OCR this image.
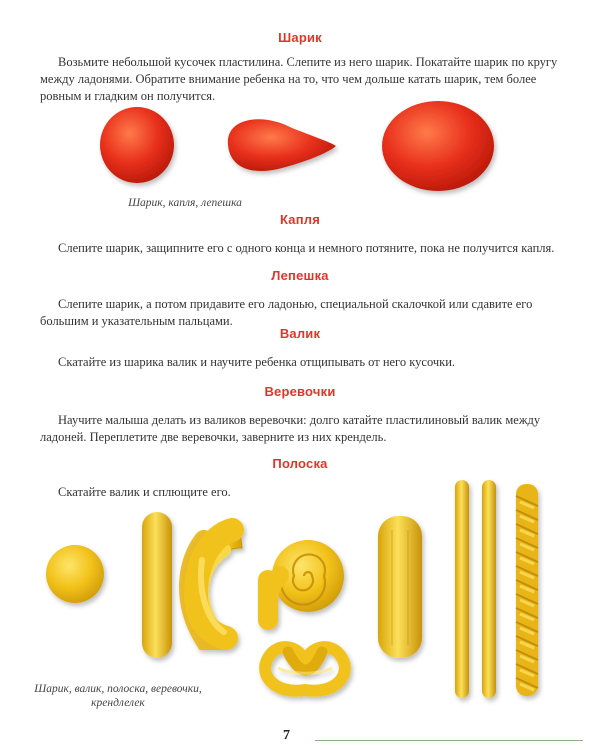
Шарик
Возьмите небольшой кусочек пластилина. Слепите из него шарик. Покатайте шарик по кругу между ладонями. Обратите внимание ребенка на то, что чем дольше катать шарик, тем более ровным и гладким он получится.
Шарик, капля, лепешка
Капля
Слепите шарик, защипните его с одного конца и немного потяните, пока не получится капля.
Лепешка
Слепите шарик, а потом придавите его ладонью, специальной скалочкой или сдавите его большим и указательным пальцами.
Валик
Скатайте из шарика валик и научите ребенка отщипывать от него кусочки.
Веревочки
Научите малыша делать из валиков веревочки: долго катайте пластилиновый валик между ладоней. Переплетите две веревочки, заверните из них крендель.
Полоска
Скатайте валик и сплющите его.
Шарик, валик, полоска, веревочки,
крендлелек
7
